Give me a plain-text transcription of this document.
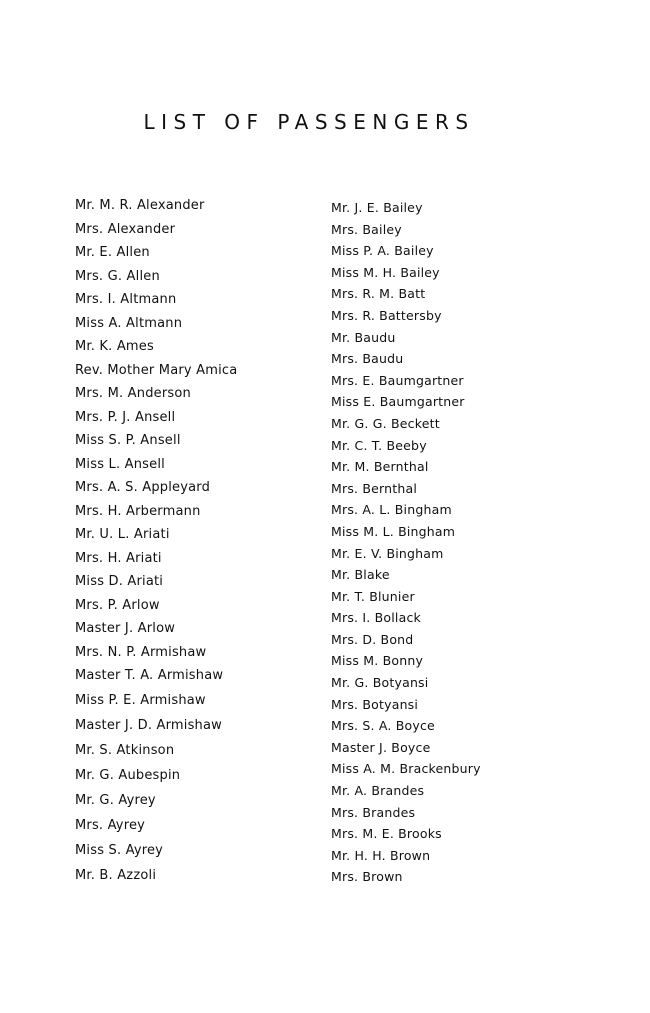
LIST OF PASSENGERS
Mr. M. R. Alexander
Mrs. Alexander
Mr. E. Allen
Mrs. G. Allen
Mrs. I. Altmann
Miss A. Altmann
Mr. K. Ames
Rev. Mother Mary Amica
Mrs. M. Anderson
Mrs. P. J. Ansell
Miss S. P. Ansell
Miss L. Ansell
Mrs. A. S. Appleyard
Mrs. H. Arbermann
Mr. U. L. Ariati
Mrs. H. Ariati
Miss D. Ariati
Mrs. P. Arlow
Master J. Arlow
Mrs. N. P. Armishaw
Master T. A. Armishaw
Miss P. E. Armishaw
Master J. D. Armishaw
Mr. S. Atkinson
Mr. G. Aubespin
Mr. G. Ayrey
Mrs. Ayrey
Miss S. Ayrey
Mr. B. Azzoli
Mr. J. E. Bailey
Mrs. Bailey
Miss P. A. Bailey
Miss M. H. Bailey
Mrs. R. M. Batt
Mrs. R. Battersby
Mr. Baudu
Mrs. Baudu
Mrs. E. Baumgartner
Miss E. Baumgartner
Mr. G. G. Beckett
Mr. C. T. Beeby
Mr. M. Bernthal
Mrs. Bernthal
Mrs. A. L. Bingham
Miss M. L. Bingham
Mr. E. V. Bingham
Mr. Blake
Mr. T. Blunier
Mrs. I. Bollack
Mrs. D. Bond
Miss M. Bonny
Mr. G. Botyansi
Mrs. Botyansi
Mrs. S. A. Boyce
Master J. Boyce
Miss A. M. Brackenbury
Mr. A. Brandes
Mrs. Brandes
Mrs. M. E. Brooks
Mr. H. H. Brown
Mrs. Brown
